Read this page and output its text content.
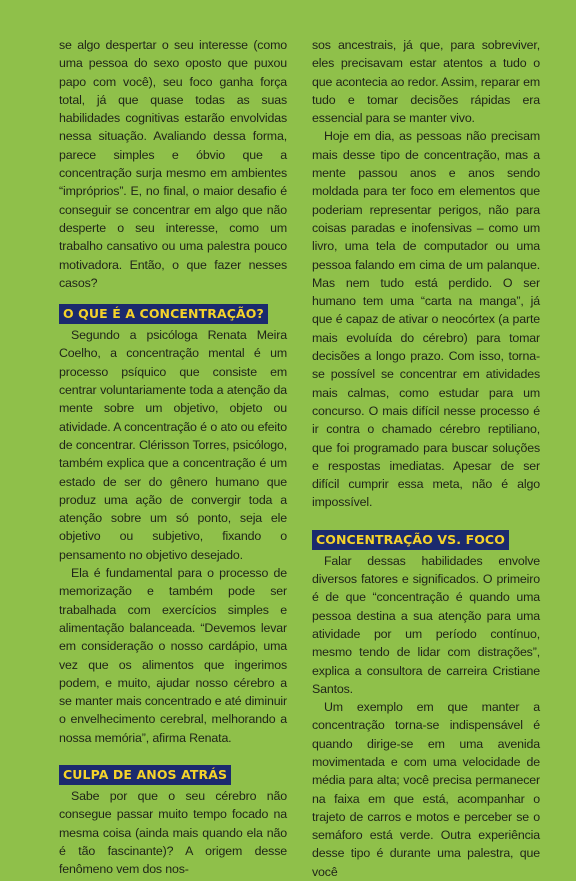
se algo despertar o seu interesse (como uma pessoa do sexo oposto que puxou papo com você), seu foco ganha força total, já que quase todas as suas habilidades cognitivas estarão envolvidas nessa situação. Avaliando dessa forma, parece simples e óbvio que a concentração surja mesmo em ambientes “impróprios”. E, no final, o maior desafio é conseguir se concentrar em algo que não desperte o seu interesse, como um trabalho cansativo ou uma palestra pouco motivadora. Então, o que fazer nesses casos?

O QUE É A CONCENTRAÇÃO?

Segundo a psicóloga Renata Meira Coelho, a concentração mental é um processo psíquico que consiste em centrar voluntariamente toda a atenção da mente sobre um objetivo, objeto ou atividade. A concentração é o ato ou efeito de concentrar. Clérisson Torres, psicólogo, também explica que a concentração é um estado de ser do gênero humano que produz uma ação de convergir toda a atenção sobre um só ponto, seja ele objetivo ou subjetivo, fixando o pensamento no objetivo desejado.

Ela é fundamental para o processo de memorização e também pode ser trabalhada com exercícios simples e alimentação balanceada. “Devemos levar em consideração o nosso cardápio, uma vez que os alimentos que ingerimos podem, e muito, ajudar nosso cérebro a se manter mais concentrado e até diminuir o envelhecimento cerebral, melhorando a nossa memória”, afirma Renata.

CULPA DE ANOS ATRÁS

Sabe por que o seu cérebro não consegue passar muito tempo focado na mesma coisa (ainda mais quando ela não é tão fascinante)? A origem desse fenômeno vem dos nos-

sos ancestrais, já que, para sobreviver, eles precisavam estar atentos a tudo o que acontecia ao redor. Assim, reparar em tudo e tomar decisões rápidas era essencial para se manter vivo.

Hoje em dia, as pessoas não precisam mais desse tipo de concentração, mas a mente passou anos e anos sendo moldada para ter foco em elementos que poderiam representar perigos, não para coisas paradas e inofensivas – como um livro, uma tela de computador ou uma pessoa falando em cima de um palanque. Mas nem tudo está perdido. O ser humano tem uma “carta na manga”, já que é capaz de ativar o neocórtex (a parte mais evoluída do cérebro) para tomar decisões a longo prazo. Com isso, torna-se possível se concentrar em atividades mais calmas, como estudar para um concurso. O mais difícil nesse processo é ir contra o chamado cérebro reptiliano, que foi programado para buscar soluções e respostas imediatas. Apesar de ser difícil cumprir essa meta, não é algo impossível.

CONCENTRAÇÃO VS. FOCO

Falar dessas habilidades envolve diversos fatores e significados. O primeiro é de que “concentração é quando uma pessoa destina a sua atenção para uma atividade por um período contínuo, mesmo tendo de lidar com distrações”, explica a consultora de carreira Cristiane Santos.

Um exemplo em que manter a concentração torna-se indispensável é quando dirige-se em uma avenida movimentada e com uma velocidade de média para alta; você precisa permanecer na faixa em que está, acompanhar o trajeto de carros e motos e perceber se o semáforo está verde. Outra experiência desse tipo é durante uma palestra, que você
